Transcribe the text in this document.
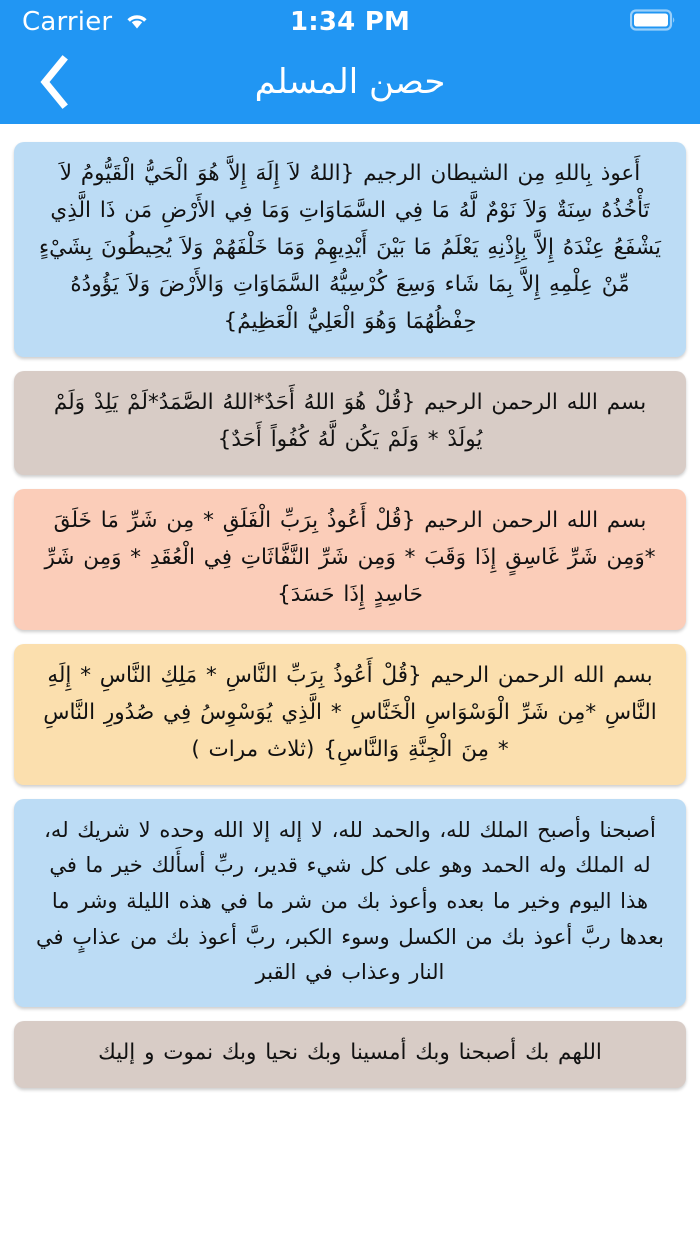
Carrier	1:34 PM
حصن المسلم
أَعوذ بِاللهِ مِن الشيطان الرجيم {اللهُ لاَ إِلَهَ إِلاَّ هُوَ الْحَيُّ الْقَيُّومُ لاَ تَأْخُذُهُ سِنَةٌ وَلاَ نَوْمٌ لَّهُ مَا فِي السَّمَاوَاتِ وَمَا فِي الأَرْضِ مَن ذَا الَّذِي يَشْفَعُ عِنْدَهُ إِلاَّ بِإِذْنِهِ يَعْلَمُ مَا بَيْنَ أَيْدِيهِمْ وَمَا خَلْفَهُمْ وَلاَ يُحِيطُونَ بِشَيْءٍ مِّنْ عِلْمِهِ إِلاَّ بِمَا شَاء وَسِعَ كُرْسِيُّهُ السَّمَاوَاتِ وَالأَرْضَ وَلاَ يَؤُودُهُ حِفْظُهُمَا وَهُوَ الْعَلِيُّ الْعَظِيمُ}
بسم الله الرحمن الرحيم {قُلْ هُوَ اللهُ أَحَدٌ*اللهُ الصَّمَدُ*لَمْ يَلِدْ وَلَمْ يُولَدْ * وَلَمْ يَكُن لَّهُ كُفُواً أَحَدٌ}
بسم الله الرحمن الرحيم {قُلْ أَعُوذُ بِرَبِّ الْفَلَقِ * مِن شَرِّ مَا خَلَقَ *وَمِن شَرِّ غَاسِقٍ إِذَا وَقَبَ * وَمِن شَرِّ النَّفَّاثَاتِ فِي الْعُقَدِ * وَمِن شَرِّ حَاسِدٍ إِذَا حَسَدَ}
بسم الله الرحمن الرحيم {قُلْ أَعُوذُ بِرَبِّ النَّاسِ * مَلِكِ النَّاسِ * إِلَهِ النَّاسِ *مِن شَرِّ الْوَسْوَاسِ الْخَنَّاسِ * الَّذِي يُوَسْوِسُ فِي صُدُورِ النَّاسِ * مِنَ الْجِنَّةِ وَالنَّاسِ} (ثلاث مرات )
أصبحنا وأصبح الملك لله، والحمد لله، لا إله إلا الله وحده لا شريك له، له الملك وله الحمد وهو على كل شيء قدير، ربِّ أسأَلك خير ما في هذا اليوم وخير ما بعده وأعوذ بك من شر ما في هذه الليلة وشر ما بعدها ربَّ أعوذ بك من الكسل وسوء الكبر، ربَّ أعوذ بك من عذابٍ في النار وعذاب في القبر
اللهم بك أصبحنا وبك أمسينا وبك نحيا وبك نموت و إليك
